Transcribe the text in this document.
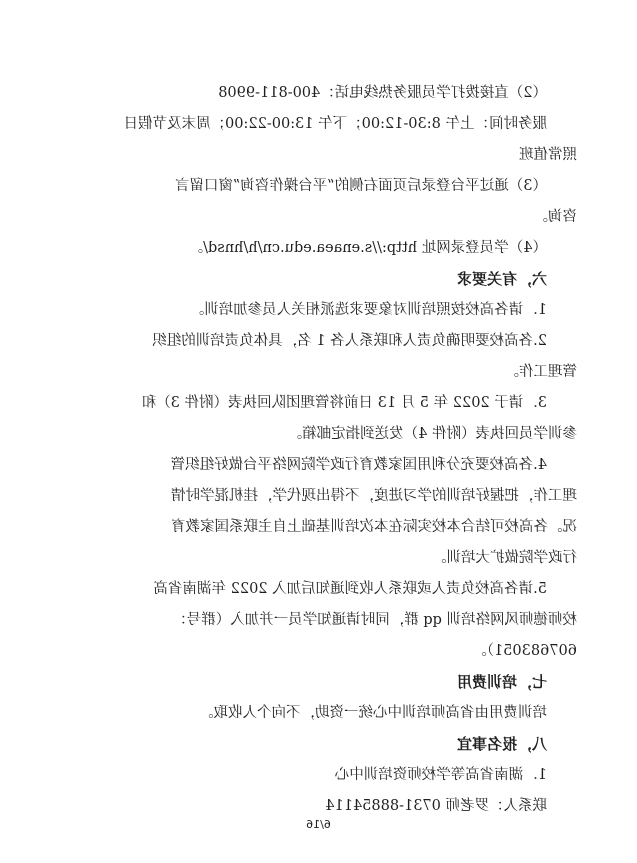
（2）直接拨打学员服务热线电话：400-811-9908
服务时间：上午 8:30-12:00；下午 13:00-22:00；周末及节假日
照常值班
（3）通过平台登录后页面右侧的“平台操作咨询”窗口留言
咨询。
（4）学员登录网址 http://s.enaea.edu.cn/h/hnsd/。
六，有关要求
1．请各高校按照培训对象要求选派相关人员参加培训。
2.各高校要明确负责人和联系人各 1 名，具体负责培训的组织
管理工作。
3．请于 2022 年 5 月 13 日前将管理团队回执表（附件 3）和
参训学员回执表（附件 4）发送到指定邮箱。
4.各高校要充分利用国家教育行政学院网络平台做好组织管
理工作，把握好培训的学习进度，不得出现代学，挂机混学时情
况。各高校可结合本校实际在本次培训基础上自主联系国家教育
行政学院做扩大培训。
5.请各高校负责人或联系人收到通知后加入 2022 年湖南省高
校师德师风网络培训 qq 群，同时请通知学员一并加入（群号：
607683051）。
七，培训费用
培训费用由省高师培训中心统一资助，不向个人收取。
八，报名事宜
1．湖南省高等学校师资培训中心
联系人：罗老师 0731-88854114
6/16
